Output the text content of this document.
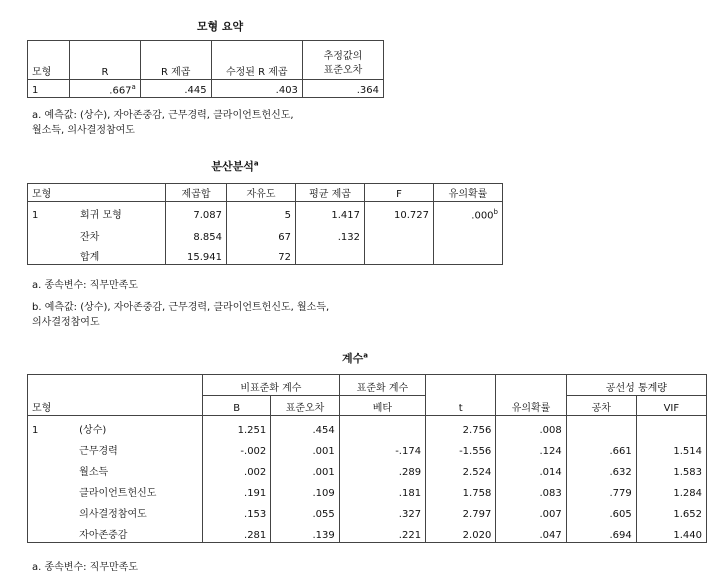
모형 요약
모형	R	R 제곱	수정된 R 제곱	추정값의
표준오차

1	.667$^a$	.445	.403	.364
a. 예측값: (상수), 자아존중감, 근무경력, 클라이언트헌신도,
월소득, 의사결정참여도
분산분석$^a$
모형		제곱합	자유도	평균 제곱	F	유의확률
1	회귀 모형	7.087	5	1.417	10.727	.000$^b$
	잔차	8.854	67	.132		
	합계	15.941	72			
a. 종속변수: 직무만족도
b. 예측값: (상수), 자아존중감, 근무경력, 클라이언트헌신도, 월소득,
의사결정참여도
계수$^a$
		비표준화 계수		표준화 계수	t	유의확률	공선성 통계량	
모형		B	표준오차	베타			공차	VIF
1	(상수)	1.251	.454		2.756	.008		
	근무경력	-.002	.001	-.174	-1.556	.124	.661	1.514
	월소득	.002	.001	.289	2.524	.014	.632	1.583
	클라이언트헌신도	.191	.109	.181	1.758	.083	.779	1.284
	의사결정참여도	.153	.055	.327	2.797	.007	.605	1.652
	자아존중감	.281	.139	.221	2.020	.047	.694	1.440
a. 종속변수: 직무만족도
